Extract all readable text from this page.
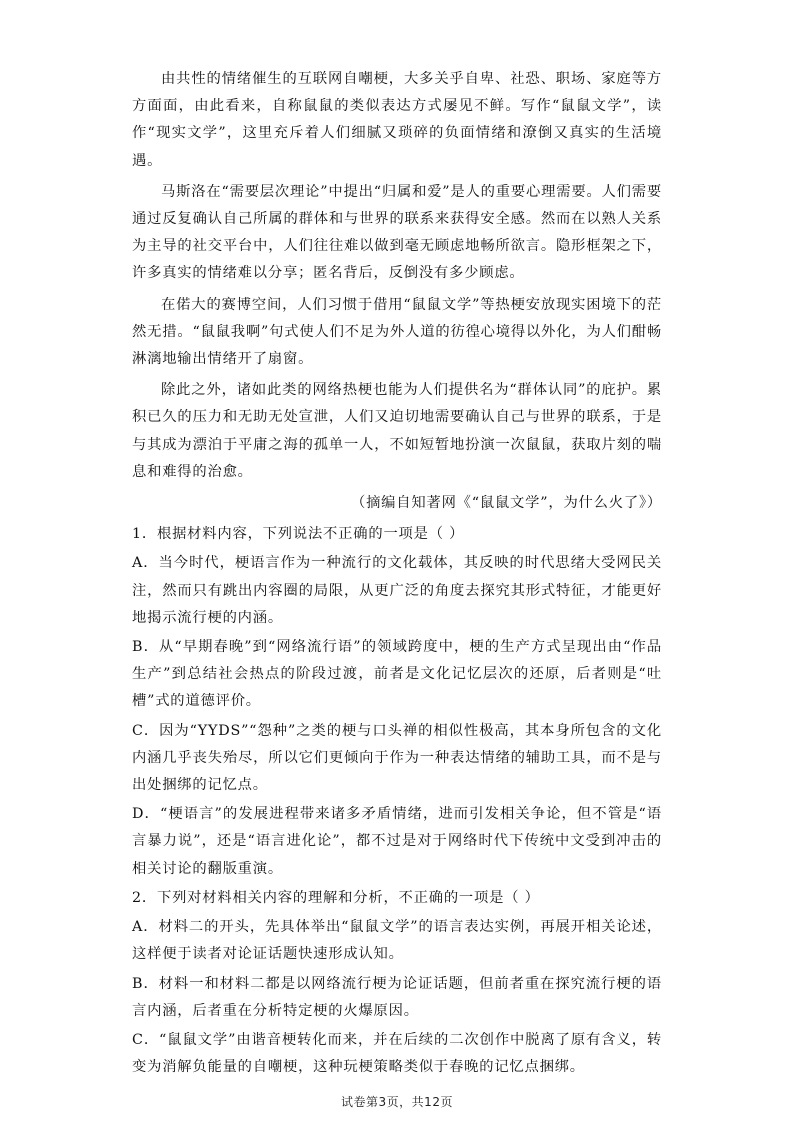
由共性的情绪催生的互联网自嘲梗，大多关乎自卑、社恐、职场、家庭等方方面面，由此看来，自称鼠鼠的类似表达方式屡见不鲜。写作“鼠鼠文学”，读作“现实文学”，这里充斥着人们细腻又琐碎的负面情绪和潦倒又真实的生活境遇。

马斯洛在“需要层次理论”中提出“归属和爱”是人的重要心理需要。人们需要通过反复确认自己所属的群体和与世界的联系来获得安全感。然而在以熟人关系为主导的社交平台中，人们往往难以做到毫无顾虑地畅所欲言。隐形框架之下，许多真实的情绪难以分享；匿名背后，反倒没有多少顾虑。

在偌大的赛博空间，人们习惯于借用“鼠鼠文学”等热梗安放现实困境下的茫然无措。“鼠鼠我啊”句式使人们不足为外人道的彷徨心境得以外化，为人们酣畅淋漓地输出情绪开了扇窗。

除此之外，诸如此类的网络热梗也能为人们提供名为“群体认同”的庇护。累积已久的压力和无助无处宣泄，人们又迫切地需要确认自己与世界的联系，于是与其成为漂泊于平庸之海的孤单一人，不如短暂地扮演一次鼠鼠，获取片刻的喘息和难得的治愈。

（摘编自知著网《“鼠鼠文学”，为什么火了》）

1．根据材料内容，下列说法不正确的一项是（ ）

A．当今时代，梗语言作为一种流行的文化载体，其反映的时代思绪大受网民关注，然而只有跳出内容圈的局限，从更广泛的角度去探究其形式特征，才能更好地揭示流行梗的内涵。

B．从“早期春晚”到“网络流行语”的领域跨度中，梗的生产方式呈现出由“作品生产”到总结社会热点的阶段过渡，前者是文化记忆层次的还原，后者则是“吐槽”式的道德评价。

C．因为“YYDS”“怨种”之类的梗与口头禅的相似性极高，其本身所包含的文化内涵几乎丧失殆尽，所以它们更倾向于作为一种表达情绪的辅助工具，而不是与出处捆绑的记忆点。

D．“梗语言”的发展进程带来诸多矛盾情绪，进而引发相关争论，但不管是“语言暴力说”，还是“语言进化论”，都不过是对于网络时代下传统中文受到冲击的相关讨论的翻版重演。

2．下列对材料相关内容的理解和分析，不正确的一项是（ ）

A．材料二的开头，先具体举出“鼠鼠文学”的语言表达实例，再展开相关论述，这样便于读者对论证话题快速形成认知。

B．材料一和材料二都是以网络流行梗为论证话题，但前者重在探究流行梗的语言内涵，后者重在分析特定梗的火爆原因。

C．“鼠鼠文学”由谐音梗转化而来，并在后续的二次创作中脱离了原有含义，转变为消解负能量的自嘲梗，这种玩梗策略类似于春晚的记忆点捆绑。

试卷第3页，共12页
